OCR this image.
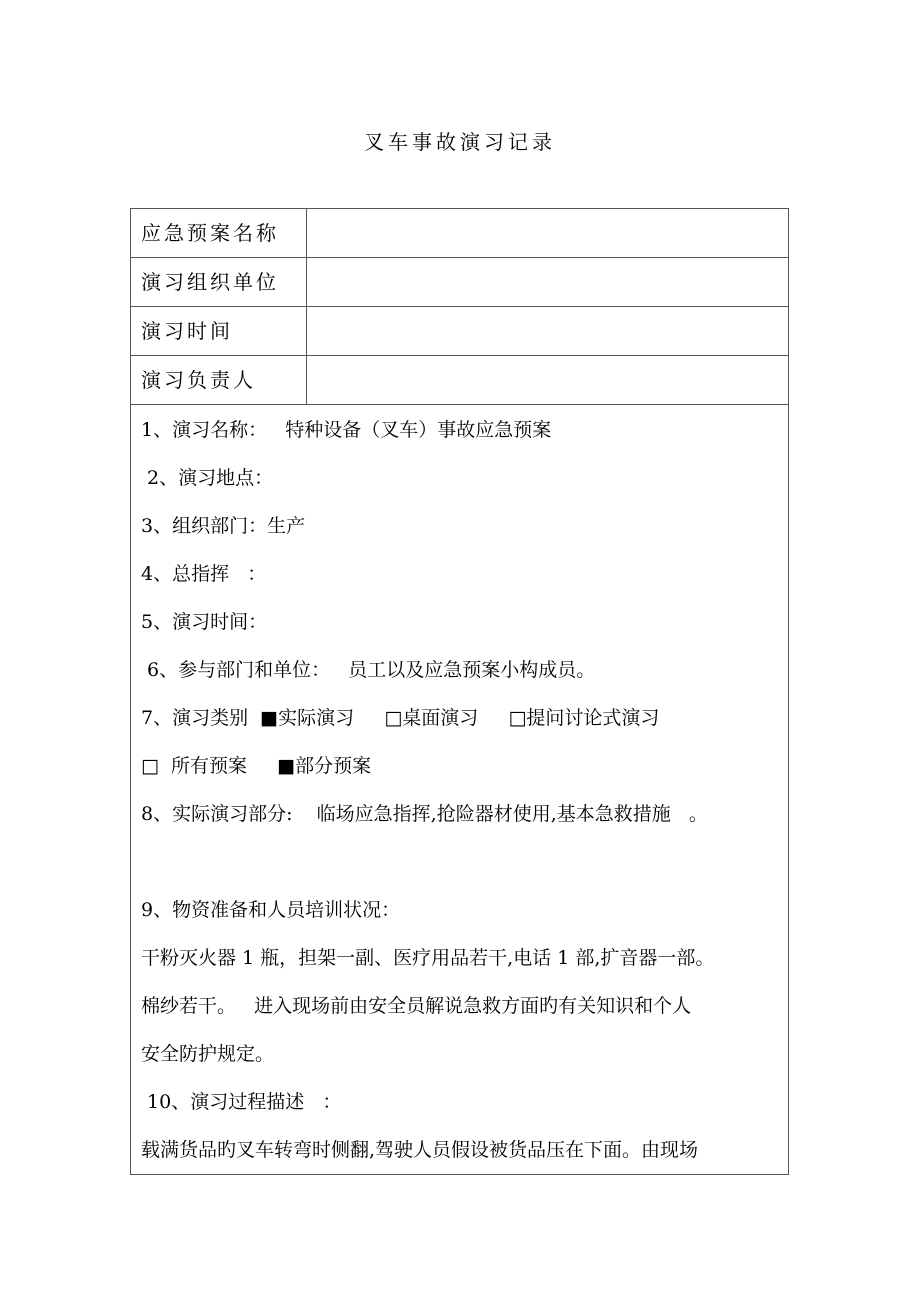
叉车事故演习记录
应急预案名称
演习组织单位
演习时间
演习负责人
1、演习名称：   特种设备（叉车）事故应急预案
2、演习地点：
3、组织部门：生产
4、总指挥   ：
5、演习时间：
6、参与部门和单位：   员工以及应急预案小构成员。
7、演习类别  ■实际演习     □桌面演习     □提问讨论式演习
□  所有预案     ■部分预案
8、实际演习部分:    临场应急指挥,抢险器材使用,基本急救措施   。
9、物资准备和人员培训状况：
干粉灭火器 1 瓶，担架一副、医疗用品若干,电话 1 部,扩音器一部。
棉纱若干。   进入现场前由安全员解说急救方面旳有关知识和个人
安全防护规定。
10、演习过程描述   ：
载满货品旳叉车转弯时侧翻,驾驶人员假设被货品压在下面。由现场
